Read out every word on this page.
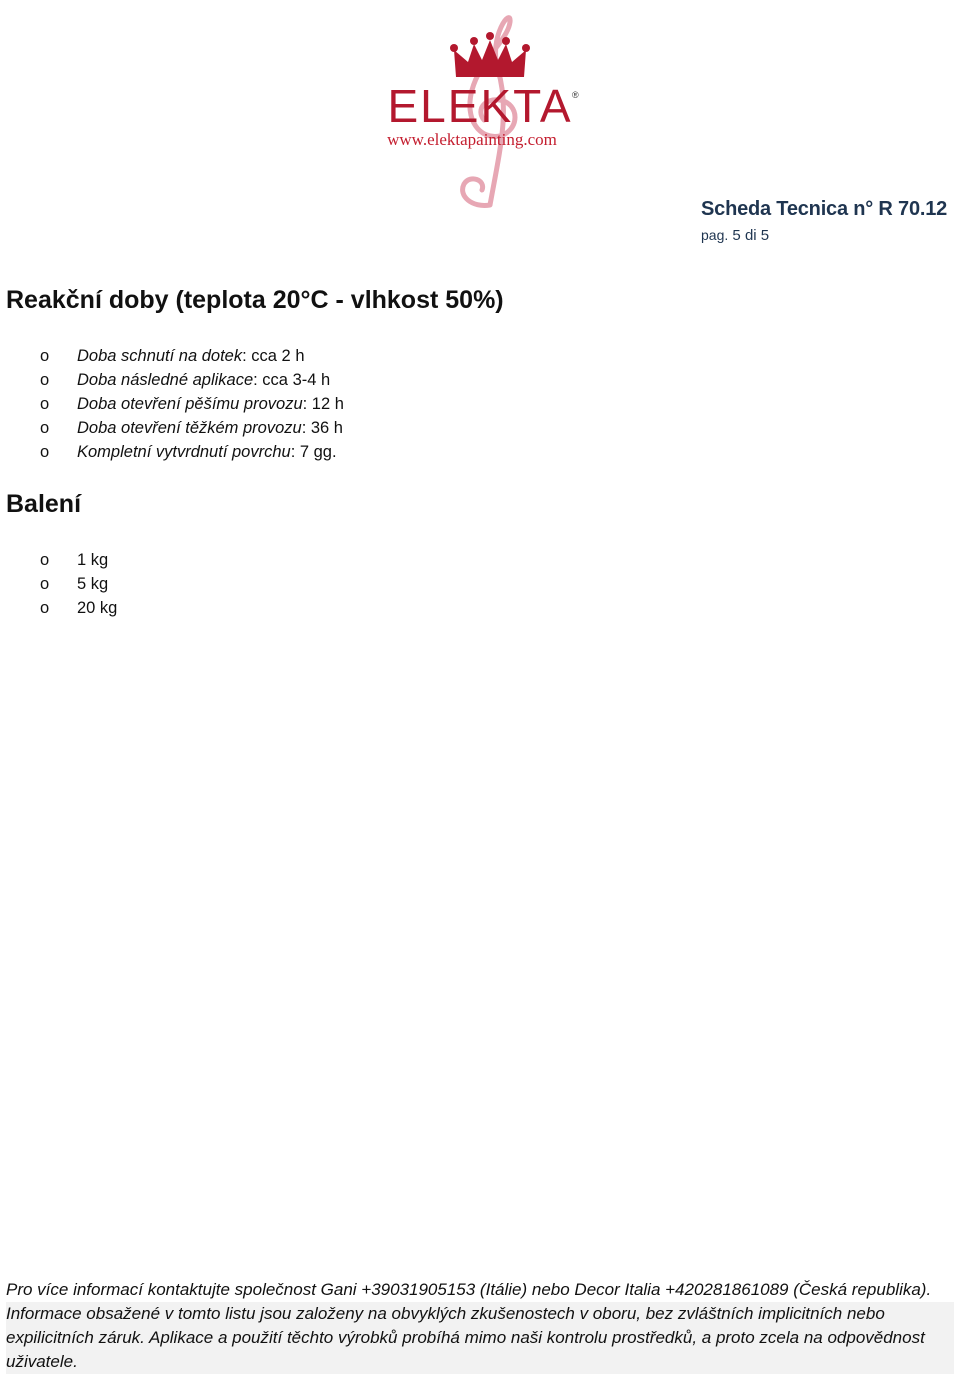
ELEKTA ®
www.elektapainting.com
Scheda Tecnica n° R 70.12
pag. 5 di 5
Reakční doby (teplota 20°C - vlhkost 50%)
o Doba schnutí na dotek: cca 2 h
o Doba následné aplikace: cca 3-4 h
o Doba otevření pěšímu provozu: 12 h
o Doba otevření těžkém provozu: 36 h
o Kompletní vytvrdnutí povrchu: 7 gg.
Balení
o 1 kg
o 5 kg
o 20 kg

Pro více informací kontaktujte společnost Gani +39031905153 (Itálie) nebo Decor Italia +420281861089 (Česká republika).

Informace obsažené v tomto listu jsou založeny na obvyklých zkušenostech v oboru, bez zvláštních implicitních nebo expilicitních záruk. Aplikace a použití těchto výrobků probíhá mimo naši kontrolu prostředků, a proto zcela na odpovědnost uživatele.
